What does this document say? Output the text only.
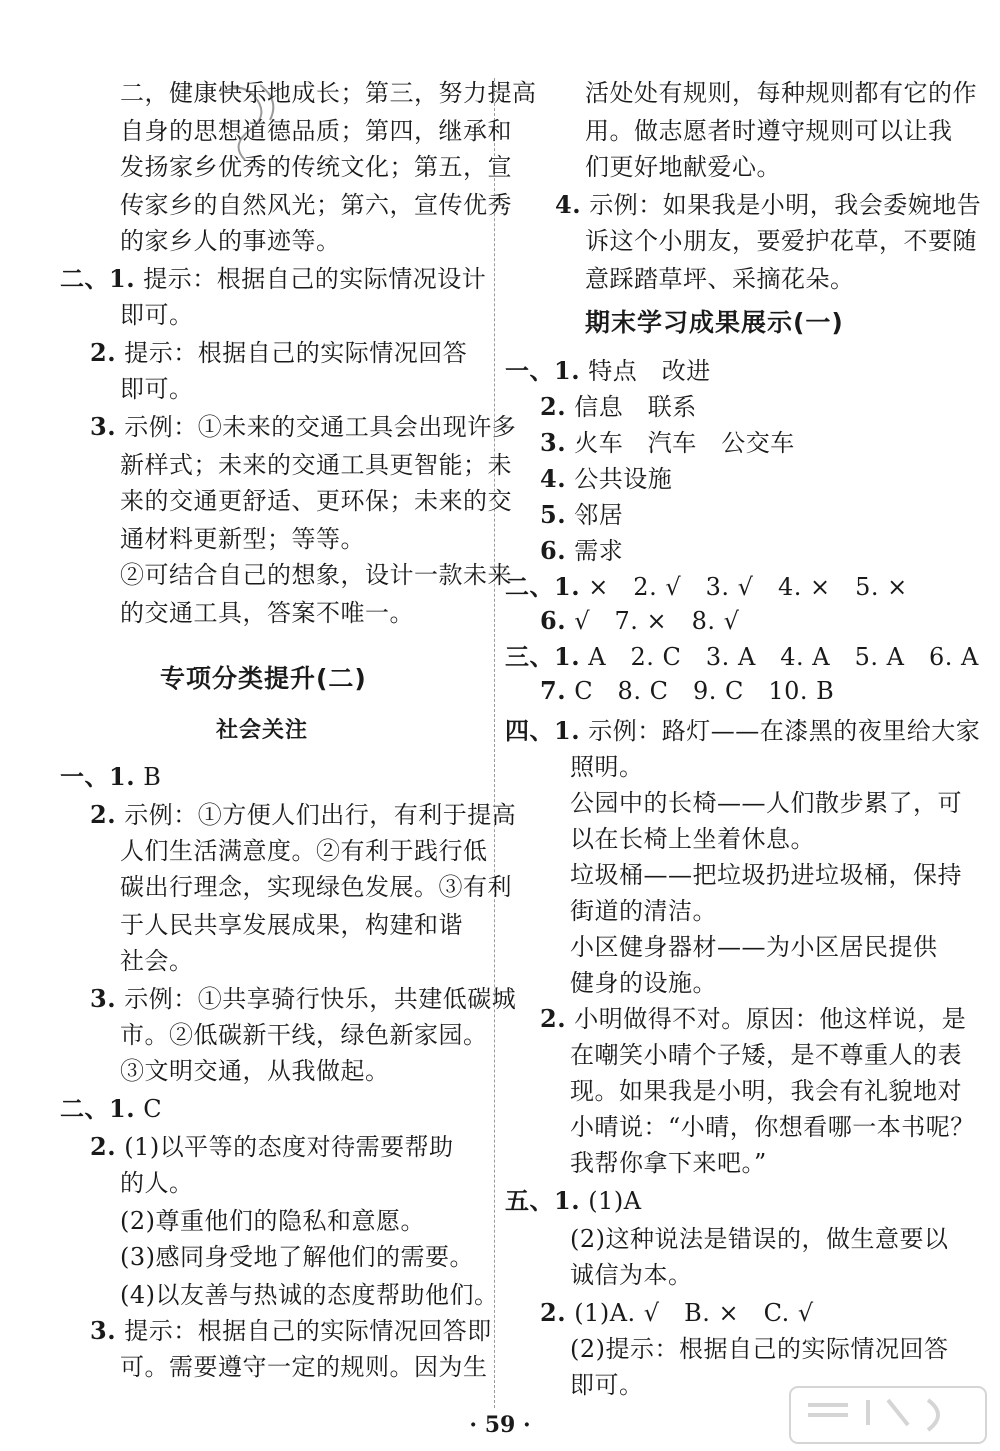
二，健康快乐地成长；第三，努力提高

自身的思想道德品质；第四，继承和

发扬家乡优秀的传统文化；第五，宣

传家乡的自然风光；第六，宣传优秀

的家乡人的事迹等。

二、1. 提示：根据自己的实际情况设计

即可。

2. 提示：根据自己的实际情况回答

即可。

3. 示例：①未来的交通工具会出现许多

新样式；未来的交通工具更智能；未

来的交通更舒适、更环保；未来的交

通材料更新型；等等。

②可结合自己的想象，设计一款未来

的交通工具，答案不唯一。

专项分类提升(二)

社会关注

一、1. B

2. 示例：①方便人们出行，有利于提高

人们生活满意度。②有利于践行低

碳出行理念，实现绿色发展。③有利

于人民共享发展成果，构建和谐

社会。

3. 示例：①共享骑行快乐，共建低碳城

市。②低碳新干线，绿色新家园。

③文明交通，从我做起。

二、1. C

2. (1)以平等的态度对待需要帮助

的人。

(2)尊重他们的隐私和意愿。

(3)感同身受地了解他们的需要。

(4)以友善与热诚的态度帮助他们。

3. 提示：根据自己的实际情况回答即

可。需要遵守一定的规则。因为生

活处处有规则，每种规则都有它的作

用。做志愿者时遵守规则可以让我

们更好地献爱心。

4. 示例：如果我是小明，我会委婉地告

诉这个小朋友，要爱护花草，不要随

意踩踏草坪、采摘花朵。

期末学习成果展示(一)

一、1. 特点　改进

2. 信息　联系

3. 火车　汽车　公交车

4. 公共设施

5. 邻居

6. 需求

二、1. ×　2. √　3. √　4. ×　5. ×

6. √　7. ×　8. √

三、1. A　2. C　3. A　4. A　5. A　6. A

7. C　8. C　9. C　10. B

四、1. 示例：路灯——在漆黑的夜里给大家

照明。

公园中的长椅——人们散步累了，可

以在长椅上坐着休息。

垃圾桶——把垃圾扔进垃圾桶，保持

街道的清洁。

小区健身器材——为小区居民提供

健身的设施。

2. 小明做得不对。原因：他这样说，是

在嘲笑小晴个子矮，是不尊重人的表

现。如果我是小明，我会有礼貌地对

小晴说：“小晴，你想看哪一本书呢？

我帮你拿下来吧。”

五、1. (1)A

(2)这种说法是错误的，做生意要以

诚信为本。

2. (1)A. √　B. ×　C. √

(2)提示：根据自己的实际情况回答

即可。

· 59 ·
